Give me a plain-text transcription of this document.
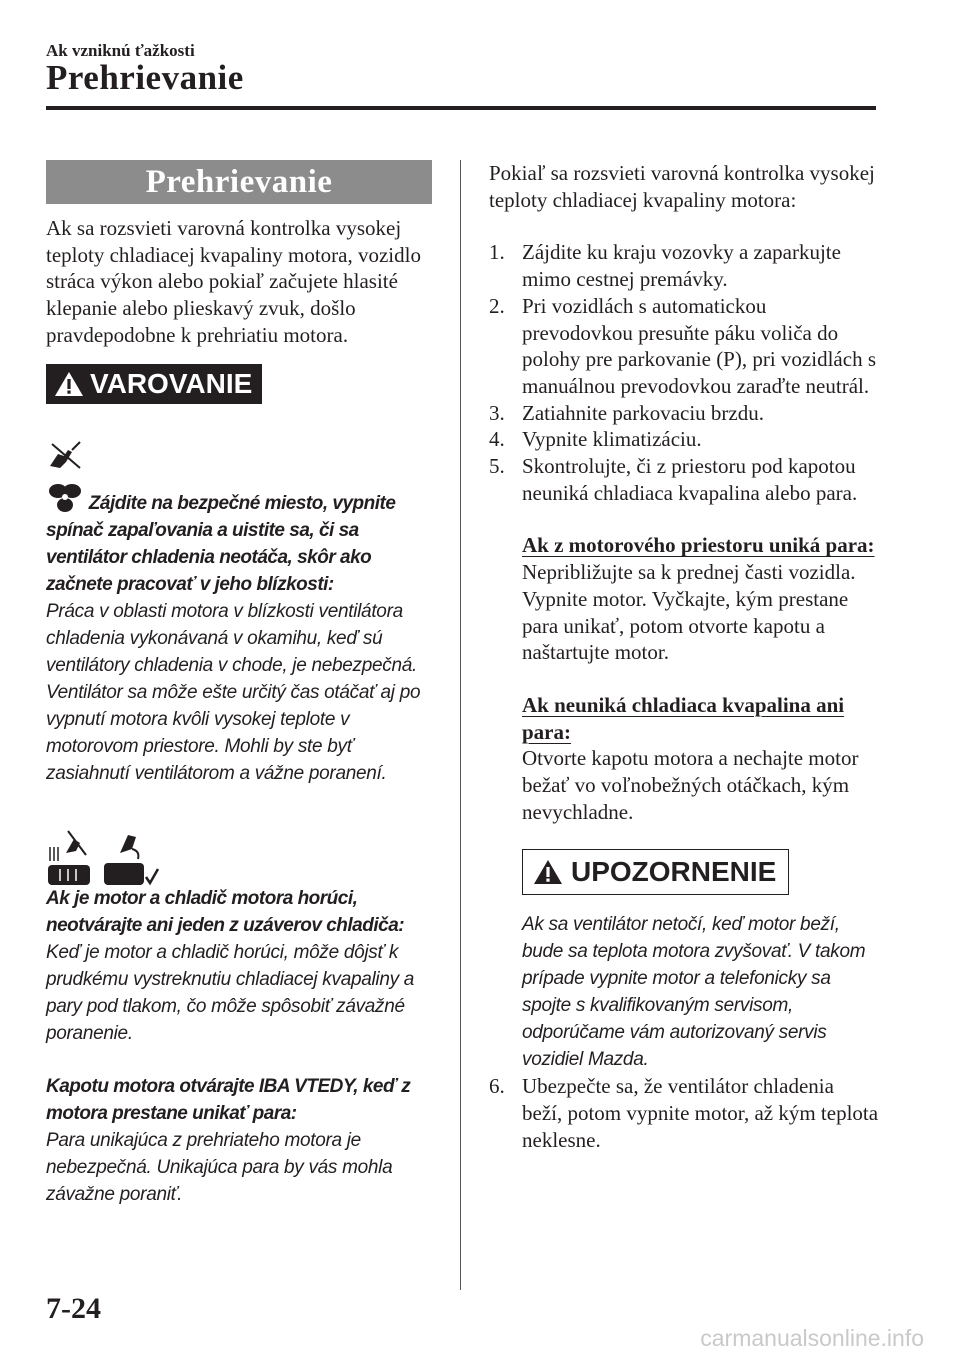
Ak vzniknú ťažkosti
Prehrievanie
Prehrievanie
Ak sa rozsvieti varovná kontrolka vysokej teploty chladiacej kvapaliny motora, vozidlo stráca výkon alebo pokiaľ začujete hlasité klepanie alebo plieskavý zvuk, došlo pravdepodobne k prehriatiu motora.
VAROVANIE
Zájdite na bezpečné miesto, vypnite spínač zapaľovania a uistite sa, či sa ventilátor chladenia neotáča, skôr ako začnete pracovať v jeho blízkosti:
Práca v oblasti motora v blízkosti ventilátora chladenia vykonávaná v okamihu, keď sú ventilátory chladenia v chode, je nebezpečná. Ventilátor sa môže ešte určitý čas otáčať aj po vypnutí motora kvôli vysokej teplote v motorovom priestore. Mohli by ste byť zasiahnutí ventilátorom a vážne poranení.
Ak je motor a chladič motora horúci, neotvárajte ani jeden z uzáverov chladiča:
Keď je motor a chladič horúci, môže dôjsť k prudkému vystreknutiu chladiacej kvapaliny a pary pod tlakom, čo môže spôsobiť závažné poranenie.
Kapotu motora otvárajte IBA VTEDY, keď z motora prestane unikať para:
Para unikajúca z prehriateho motora je nebezpečná. Unikajúca para by vás mohla závažne poraniť.
Pokiaľ sa rozsvieti varovná kontrolka vysokej teploty chladiacej kvapaliny motora:
1. Zájdite ku kraju vozovky a zaparkujte mimo cestnej premávky.
2. Pri vozidlách s automatickou prevodovkou presuňte páku voliča do polohy pre parkovanie (P), pri vozidlách s manuálnou prevodovkou zaraďte neutrál.
3. Zatiahnite parkovaciu brzdu.
4. Vypnite klimatizáciu.
5. Skontrolujte, či z priestoru pod kapotou neuniká chladiaca kvapalina alebo para.
Ak z motorového priestoru uniká para:
Nepribližujte sa k prednej časti vozidla. Vypnite motor. Vyčkajte, kým prestane para unikať, potom otvorte kapotu a naštartujte motor.
Ak neuniká chladiaca kvapalina ani para:
Otvorte kapotu motora a nechajte motor bežať vo voľnobežných otáčkach, kým nevychladne.
UPOZORNENIE
Ak sa ventilátor netočí, keď motor beží, bude sa teplota motora zvyšovať. V takom prípade vypnite motor a telefonicky sa spojte s kvalifikovaným servisom, odporúčame vám autorizovaný servis vozidiel Mazda.
6. Ubezpečte sa, že ventilátor chladenia beží, potom vypnite motor, až kým teplota neklesne.
7-24
carmanualsonline.info
